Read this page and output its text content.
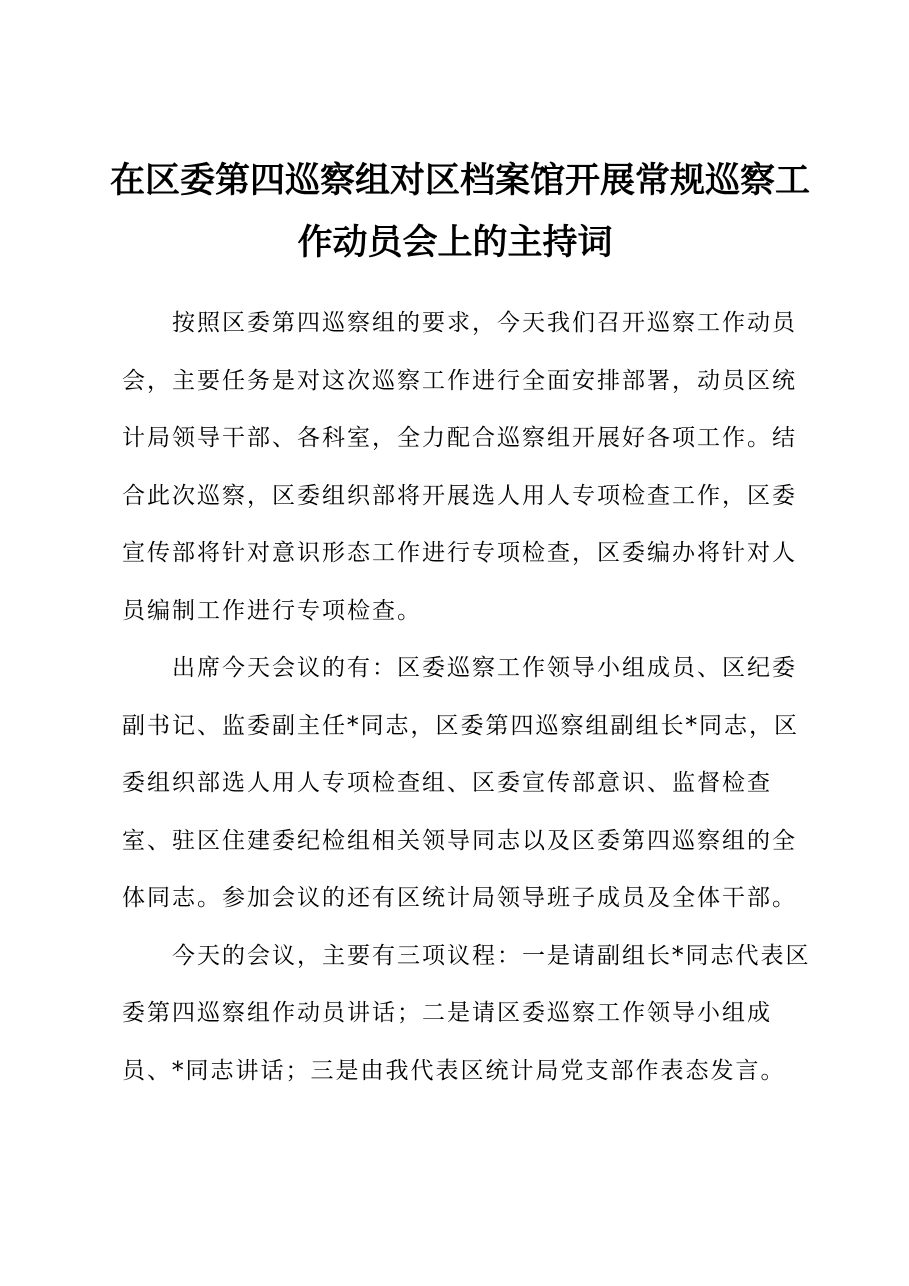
在区委第四巡察组对区档案馆开展常规巡察工
作动员会上的主持词

按照区委第四巡察组的要求，今天我们召开巡察工作动员
会，主要任务是对这次巡察工作进行全面安排部署，动员区统
计局领导干部、各科室，全力配合巡察组开展好各项工作。结
合此次巡察，区委组织部将开展选人用人专项检查工作，区委
宣传部将针对意识形态工作进行专项检查，区委编办将针对人
员编制工作进行专项检查。

出席今天会议的有：区委巡察工作领导小组成员、区纪委
副书记、监委副主任*同志，区委第四巡察组副组长*同志，区
委组织部选人用人专项检查组、区委宣传部意识、监督检查
室、驻区住建委纪检组相关领导同志以及区委第四巡察组的全
体同志。参加会议的还有区统计局领导班子成员及全体干部。

今天的会议，主要有三项议程：一是请副组长*同志代表区
委第四巡察组作动员讲话；二是请区委巡察工作领导小组成
员、*同志讲话；三是由我代表区统计局党支部作表态发言。
